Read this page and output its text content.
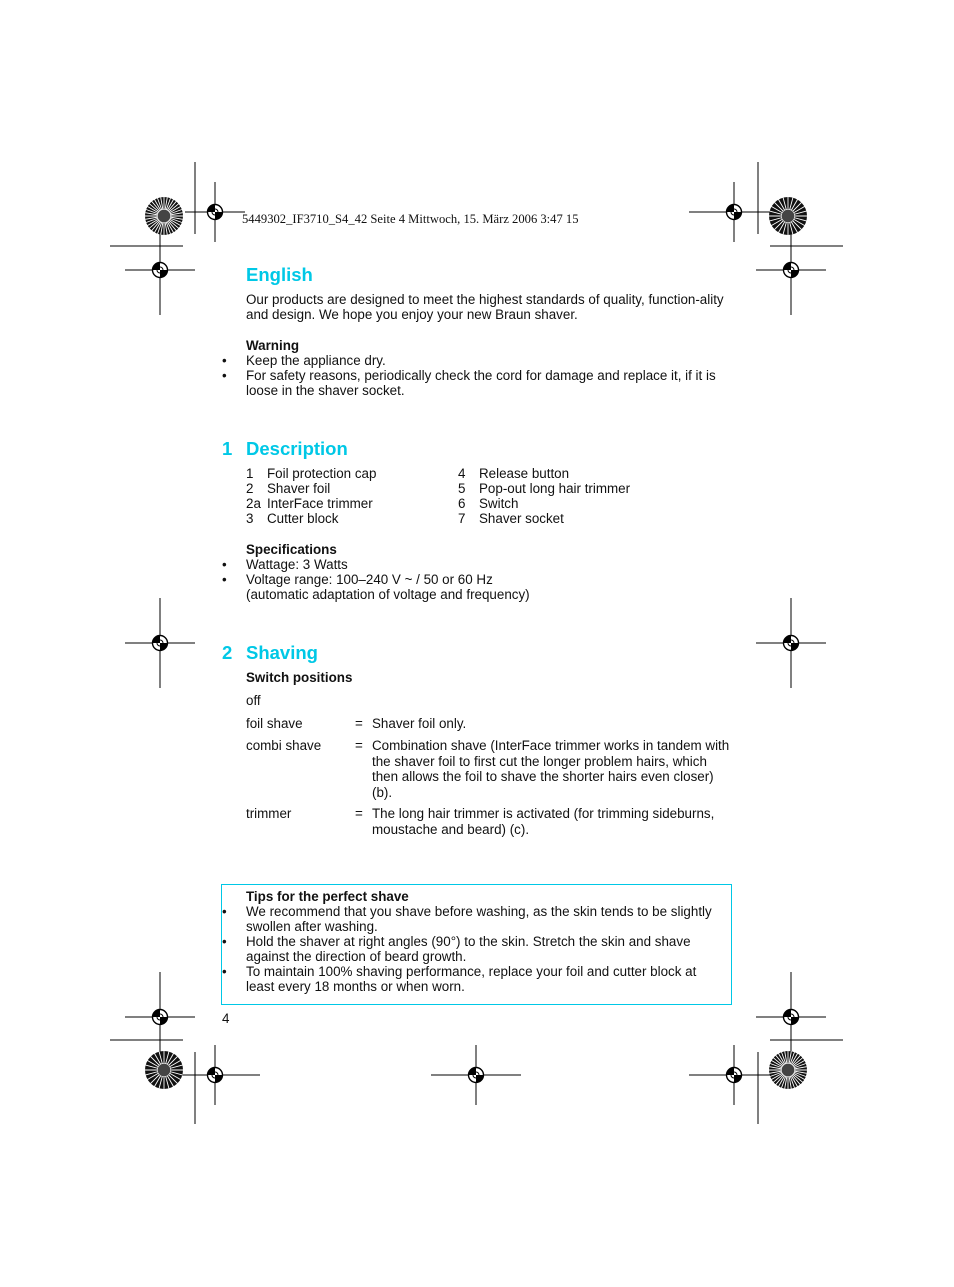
5449302_IF3710_S4_42 Seite 4 Mittwoch, 15. März 2006 3:47 15
English
Our products are designed to meet the highest standards of quality, function-ality and design. We hope you enjoy your new Braun shaver.
Warning
• Keep the appliance dry.
• For safety reasons, periodically check the cord for damage and replace it, if it is loose in the shaver socket.
1 Description
1 Foil protection cap
2 Shaver foil
2a InterFace trimmer
3 Cutter block
4 Release button
5 Pop-out long hair trimmer
6 Switch
7 Shaver socket
Specifications
• Wattage: 3 Watts
• Voltage range: 100–240 V ~ / 50 or 60 Hz
(automatic adaptation of voltage and frequency)
2 Shaving
Switch positions
off
foil shave	= Shaver foil only.
combi shave	= Combination shave (InterFace trimmer works in tandem with the shaver foil to first cut the longer problem hairs, which then allows the foil to shave the shorter hairs even closer) (b).
trimmer	= The long hair trimmer is activated (for trimming sideburns, moustache and beard) (c).
Tips for the perfect shave
• We recommend that you shave before washing, as the skin tends to be slightly swollen after washing.
• Hold the shaver at right angles (90°) to the skin. Stretch the skin and shave against the direction of beard growth.
• To maintain 100% shaving performance, replace your foil and cutter block at least every 18 months or when worn.
4
